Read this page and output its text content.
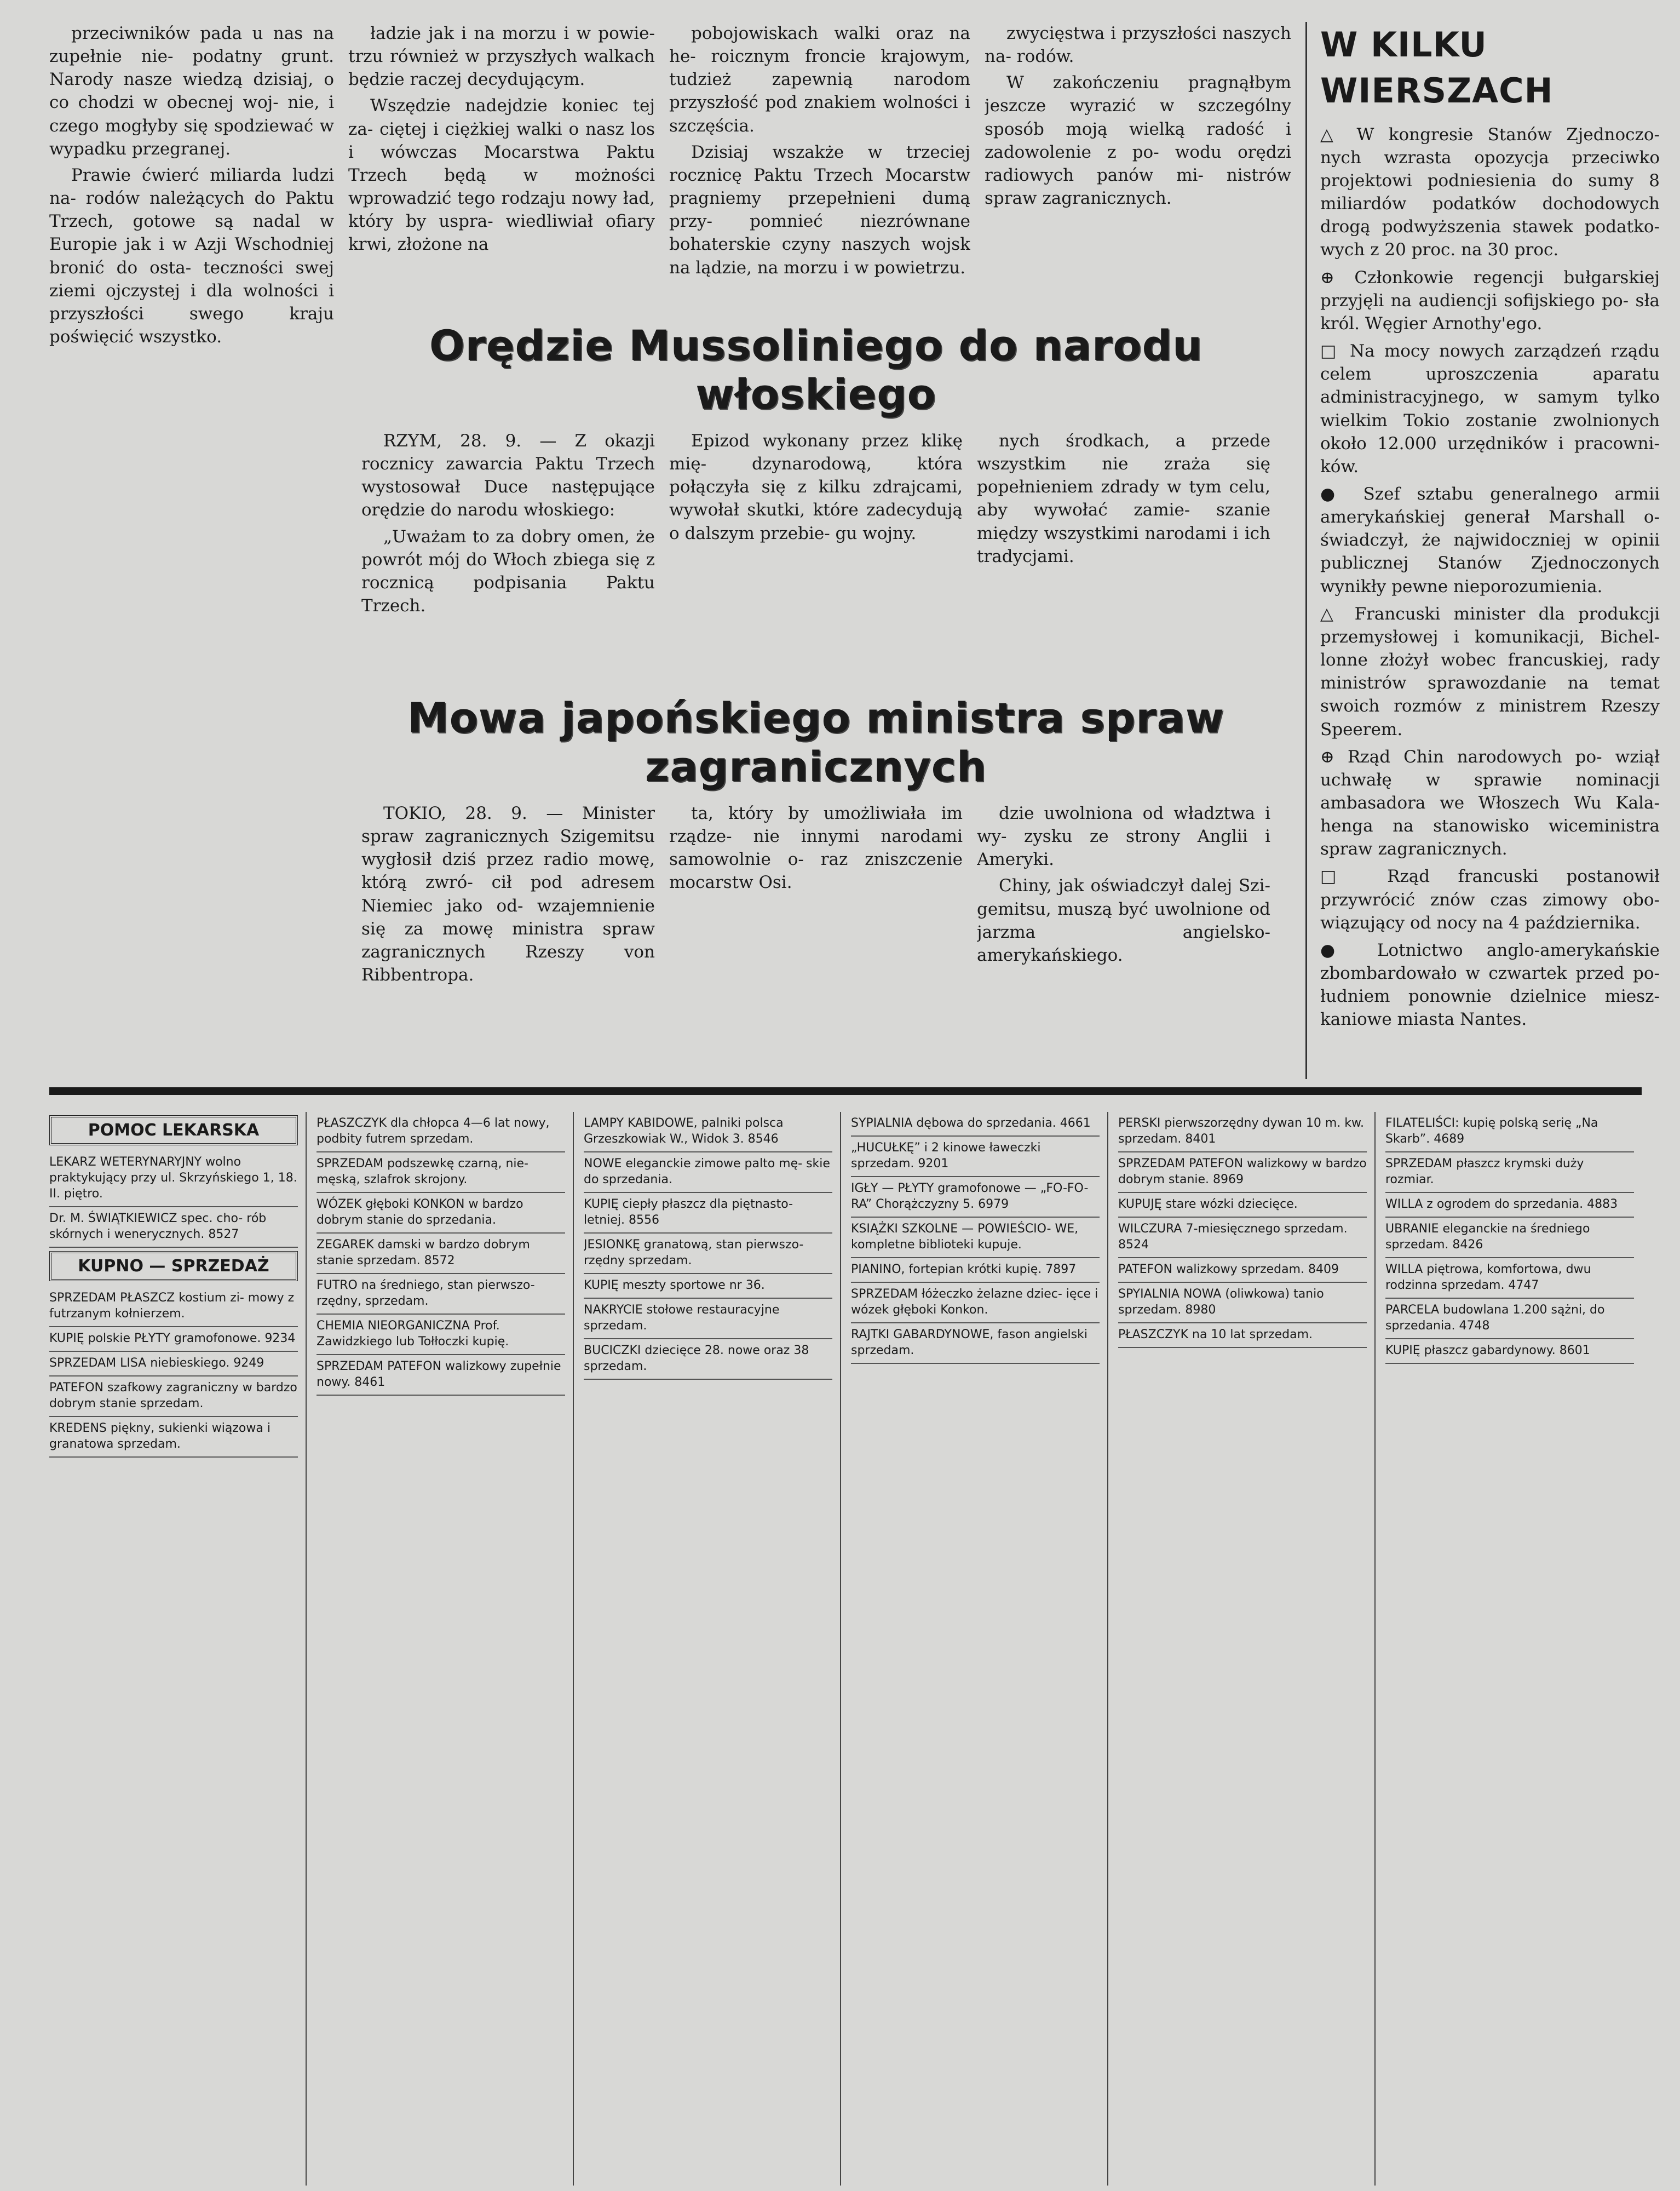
przeciwników pada u nas na zupełnie nie- podatny grunt. Narody nasze wiedzą dzisiaj, o co chodzi w obecnej woj- nie, i czego mogłyby się spodziewać w wypadku przegranej.

Prawie ćwierć miliarda ludzi na- rodów należących do Paktu Trzech, gotowe są nadal w Europie jak i w Azji Wschodniej bronić do osta- teczności swej ziemi ojczystej i dla wolności i przyszłości swego kraju poświęcić wszystko.

ładzie jak i na morzu i w powie- trzu również w przyszłych walkach będzie raczej decydującym.

Wszędzie nadejdzie koniec tej za- ciętej i ciężkiej walki o nasz los i wówczas Mocarstwa Paktu Trzech będą w możności wprowadzić tego rodzaju nowy ład, który by uspra- wiedliwiał ofiary krwi, złożone na

pobojowiskach walki oraz na he- roicznym froncie krajowym, tudzież zapewnią narodom przyszłość pod znakiem wolności i szczęścia.

Dzisiaj wszakże w trzeciej rocznicę Paktu Trzech Mocarstw pragniemy przepełnieni dumą przy- pomnieć niezrównane bohaterskie czyny naszych wojsk na lądzie, na morzu i w powietrzu.

zwycięstwa i przyszłości naszych na- rodów.

W zakończeniu pragnąłbym jeszcze wyrazić w szczególny sposób moją wielką radość i zadowolenie z po- wodu orędzi radiowych panów mi- nistrów spraw zagranicznych.

W KILKU WIERSZACH

△ W kongresie Stanów Zjednoczo- nych wzrasta opozycja przeciwko projektowi podniesienia do sumy 8 miliardów podatków dochodowych drogą podwyższenia stawek podatko- wych z 20 proc. na 30 proc.

⊕ Członkowie regencji bułgarskiej przyjęli na audiencji sofijskiego po- sła król. Węgier Arnothy'ego.

□ Na mocy nowych zarządzeń rządu celem uproszczenia aparatu administracyjnego, w samym tylko wielkim Tokio zostanie zwolnionych około 12.000 urzędników i pracowni- ków.

● Szef sztabu generalnego armii amerykańskiej generał Marshall o- świadczył, że najwidoczniej w opinii publicznej Stanów Zjednoczonych wynikły pewne nieporozumienia.

△ Francuski minister dla produkcji przemysłowej i komunikacji, Bichel- lonne złożył wobec francuskiej, rady ministrów sprawozdanie na temat swoich rozmów z ministrem Rzeszy Speerem.

⊕ Rząd Chin narodowych po- wziął uchwałę w sprawie nominacji ambasadora we Włoszech Wu Kala- henga na stanowisko wiceministra spraw zagranicznych.

□ Rząd francuski postanowił przywrócić znów czas zimowy obo- wiązujący od nocy na 4 października.

● Lotnictwo anglo-amerykańskie zbombardowało w czwartek przed po- łudniem ponownie dzielnice miesz- kaniowe miasta Nantes.

Orędzie Mussoliniego do narodu włoskiego

RZYM, 28. 9. — Z okazji rocznicy zawarcia Paktu Trzech wystosował Duce następujące orędzie do narodu włoskiego:

„Uważam to za dobry omen, że powrót mój do Włoch zbiega się z rocznicą podpisania Paktu Trzech.

Epizod wykonany przez klikę mię- dzynarodową, która połączyła się z kilku zdrajcami, wywołał skutki, które zadecydują o dalszym przebie- gu wojny.

nych środkach, a przede wszystkim nie zraża się popełnieniem zdrady w tym celu, aby wywołać zamie- szanie między wszystkimi narodami i ich tradycjami.

Mowa japońskiego ministra spraw zagranicznych

TOKIO, 28. 9. — Minister spraw zagranicznych Szigemitsu wygłosił dziś przez radio mowę, którą zwró- cił pod adresem Niemiec jako od- wzajemnienie się za mowę ministra spraw zagranicznych Rzeszy von Ribbentropa.

ta, który by umożliwiała im rządze- nie innymi narodami samowolnie o- raz zniszczenie mocarstw Osi.

dzie uwolniona od władztwa i wy- zysku ze strony Anglii i Ameryki.

Chiny, jak oświadczył dalej Szi- gemitsu, muszą być uwolnione od jarzma angielsko-amerykańskiego.

POMOC LEKARSKA
LEKARZ WETERYNARYJNY wolno praktykujący przy ul. Skrzyńskiego 1, 18. II. piętro.
Dr. M. ŚWIĄTKIEWICZ spec. cho- rób skórnych i wenerycznych. 8527
KUPNO — SPRZEDAŻ
SPRZEDAM PŁASZCZ kostium zi- mowy z futrzanym kołnierzem.
KUPIĘ polskie PŁYTY gramofonowe. 9234
SPRZEDAM LISA niebieskiego. 9249
PATEFON szafkowy zagraniczny w bardzo dobrym stanie sprzedam.
KREDENS piękny, sukienki wiązowa i granatowa sprzedam.
PŁASZCZYK dla chłopca 4—6 lat nowy, podbity futrem sprzedam.
SPRZEDAM podszewkę czarną, nie- męską, szlafrok skrojony.
WÓZEK głęboki KONKON w bardzo dobrym stanie do sprzedania.
ZEGAREK damski w bardzo dobrym stanie sprzedam. 8572
FUTRO na średniego, stan pierwszo- rzędny, sprzedam.
CHEMIA NIEORGANICZNA Prof. Zawidzkiego lub Tołłoczki kupię.
SPRZEDAM PATEFON walizkowy zupełnie nowy. 8461
LAMPY KABIDOWE, palniki polsca Grzeszkowiak W., Widok 3. 8546
NOWE eleganckie zimowe palto mę- skie do sprzedania.
KUPIĘ ciepły płaszcz dla piętnasto- letniej. 8556
JESIONKĘ granatową, stan pierwszo- rzędny sprzedam.
KUPIĘ meszty sportowe nr 36.
NAKRYCIE stołowe restauracyjne sprzedam.
BUCICZKI dziecięce 28. nowe oraz 38 sprzedam.
SYPIALNIA dębowa do sprzedania. 4661
„HUCUŁKĘ” i 2 kinowe ławeczki sprzedam. 9201
IGŁY — PŁYTY gramofonowe — „FO-FO-RA” Chorążczyzny 5. 6979
KSIĄŻKI SZKOLNE — POWIEŚCIO- WE, kompletne biblioteki kupuje.
PIANINO, fortepian krótki kupię. 7897
SPRZEDAM łóżeczko żelazne dziec- ięce i wózek głęboki Konkon.
RAJTKI GABARDYNOWE, fason angielski sprzedam.
PERSKI pierwszorzędny dywan 10 m. kw. sprzedam. 8401
SPRZEDAM PATEFON walizkowy w bardzo dobrym stanie. 8969
KUPUJĘ stare wózki dziecięce.
WILCZURA 7-miesięcznego sprzedam. 8524
PATEFON walizkowy sprzedam. 8409
SPYIALNIA NOWA (oliwkowa) tanio sprzedam. 8980
PŁASZCZYK na 10 lat sprzedam.
FILATELIŚCI: kupię polską serię „Na Skarb”. 4689
SPRZEDAM płaszcz krymski duży rozmiar.
WILLA z ogrodem do sprzedania. 4883
UBRANIE eleganckie na średniego sprzedam. 8426
WILLA piętrowa, komfortowa, dwu rodzinna sprzedam. 4747
PARCELA budowlana 1.200 sążni, do sprzedania. 4748
KUPIĘ płaszcz gabardynowy. 8601
